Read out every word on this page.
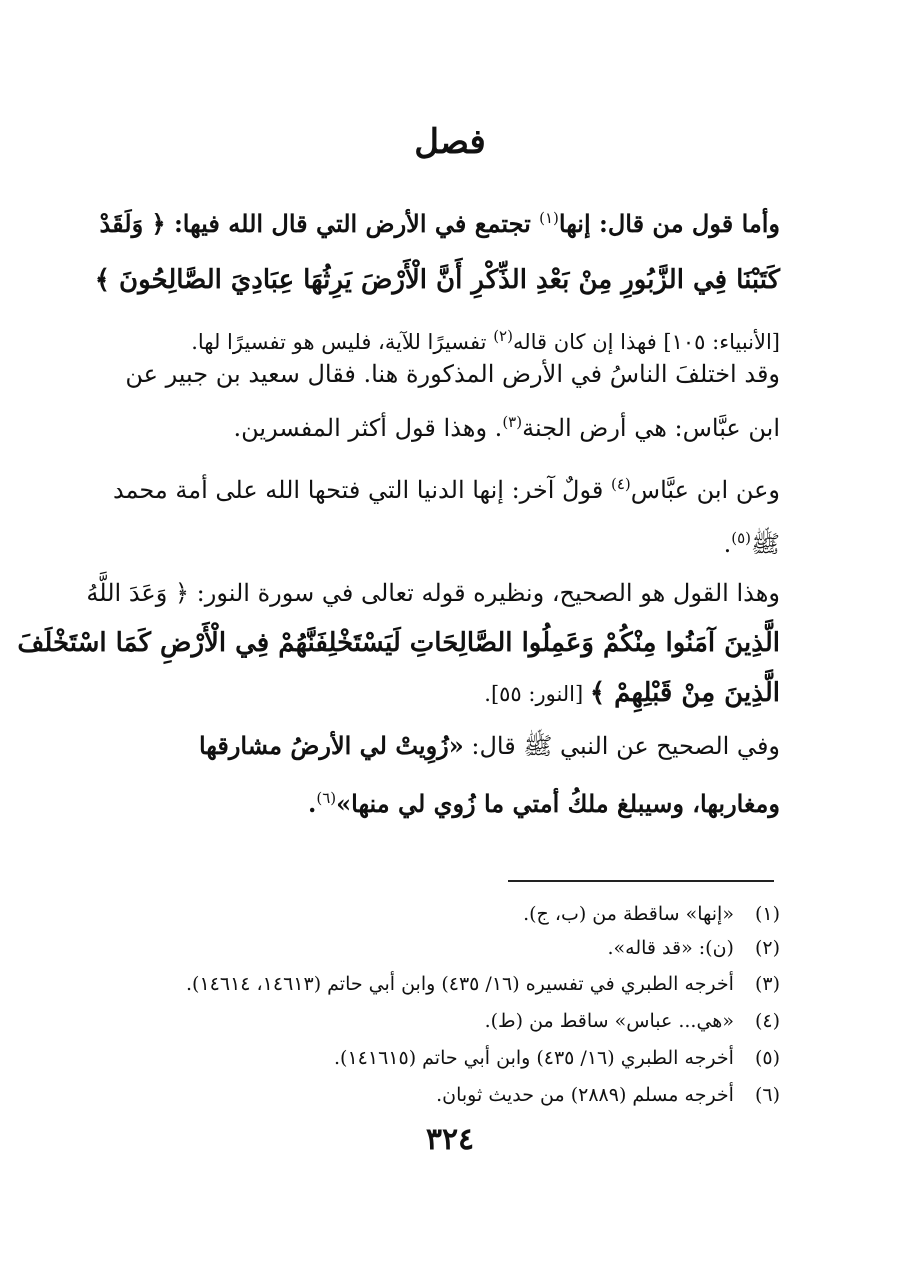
فصل
وأما قول من قال: إنها$^{(١)}$ تجتمع في الأرض التي قال الله فيها: ﴿ وَلَقَدْ
كَتَبْنَا فِي الزَّبُورِ مِنْ بَعْدِ الذِّكْرِ أَنَّ الْأَرْضَ يَرِثُهَا عِبَادِيَ الصَّالِحُونَ ﴾
[الأنبياء: ١٠٥] فهذا إن كان قاله$^{(٢)}$ تفسيرًا للآية، فليس هو تفسيرًا لها.
وقد اختلفَ الناسُ في الأرض المذكورة هنا. فقال سعيد بن جبير عن
ابن عبَّاس: هي أرض الجنة$^{(٣)}$. وهذا قول أكثر المفسرين.
وعن ابن عبَّاس$^{(٤)}$ قولٌ آخر: إنها الدنيا التي فتحها الله على أمة محمد
ﷺ$^{(٥)}$.
وهذا القول هو الصحيح، ونظيره قوله تعالى في سورة النور: ﴿ وَعَدَ اللَّهُ
الَّذِينَ آمَنُوا مِنْكُمْ وَعَمِلُوا الصَّالِحَاتِ لَيَسْتَخْلِفَنَّهُمْ فِي الْأَرْضِ كَمَا اسْتَخْلَفَ
الَّذِينَ مِنْ قَبْلِهِمْ ﴾ [النور: ٥٥].
وفي الصحيح عن النبي ﷺ قال: «زُوِيتْ لي الأرضُ مشارقها
ومغاربها، وسيبلغ ملكُ أمتي ما زُوي لي منها»$^{(٦)}$.
(١) «إنها» ساقطة من (ب، ج).
(٢) (ن): «قد قاله».
(٣) أخرجه الطبري في تفسيره (١٦/ ٤٣٥) وابن أبي حاتم (١٤٦١٣، ١٤٦١٤).
(٤) «هي... عباس» ساقط من (ط).
(٥) أخرجه الطبري (١٦/ ٤٣٥) وابن أبي حاتم (١٤١٦١٥).
(٦) أخرجه مسلم (٢٨٨٩) من حديث ثوبان.
٣٢٤
